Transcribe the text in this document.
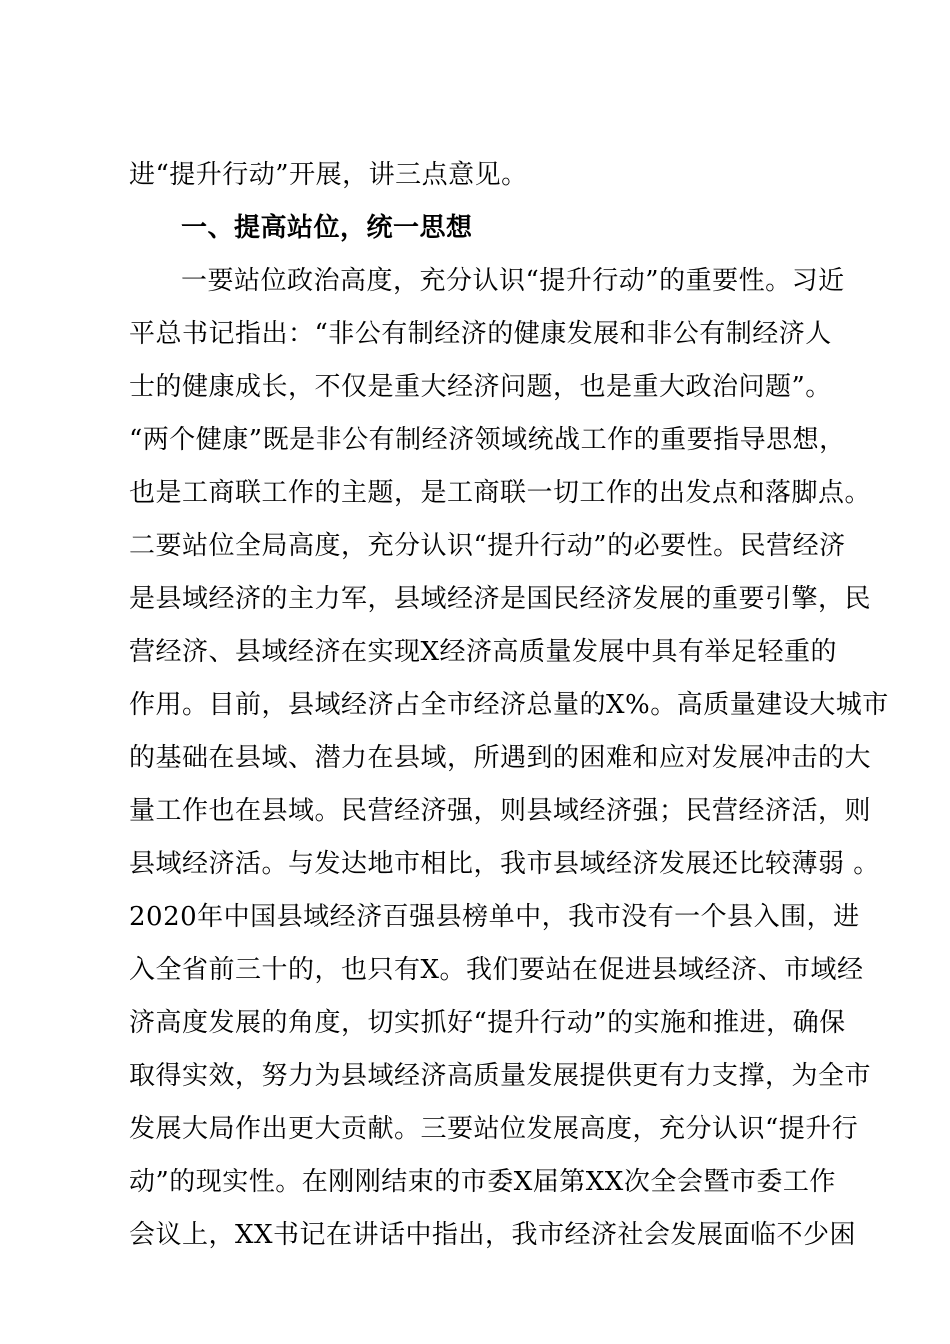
进“提升行动”开展，讲三点意见。
一、提高站位，统一思想
一要站位政治高度，充分认识“提升行动”的重要性。习近
平总书记指出：“非公有制经济的健康发展和非公有制经济人
士的健康成长，不仅是重大经济问题，也是重大政治问题”。
“两个健康”既是非公有制经济领域统战工作的重要指导思想，
也是工商联工作的主题，是工商联一切工作的出发点和落脚点。
二要站位全局高度，充分认识“提升行动”的必要性。民营经济
是县域经济的主力军，县域经济是国民经济发展的重要引擎，民
营经济、县域经济在实现X经济高质量发展中具有举足轻重的
作用。目前，县域经济占全市经济总量的X%。高质量建设大城市
的基础在县域、潜力在县域，所遇到的困难和应对发展冲击的大
量工作也在县域。民营经济强，则县域经济强；民营经济活，则
县域经济活。与发达地市相比，我市县域经济发展还比较薄弱 。
2020年中国县域经济百强县榜单中，我市没有一个县入围，进
入全省前三十的，也只有X。我们要站在促进县域经济、市域经
济高度发展的角度，切实抓好“提升行动”的实施和推进，确保
取得实效，努力为县域经济高质量发展提供更有力支撑，为全市
发展大局作出更大贡献。三要站位发展高度，充分认识“提升行
动”的现实性。在刚刚结束的市委X届第XX次全会暨市委工作
会议上，XX书记在讲话中指出，我市经济社会发展面临不少困
